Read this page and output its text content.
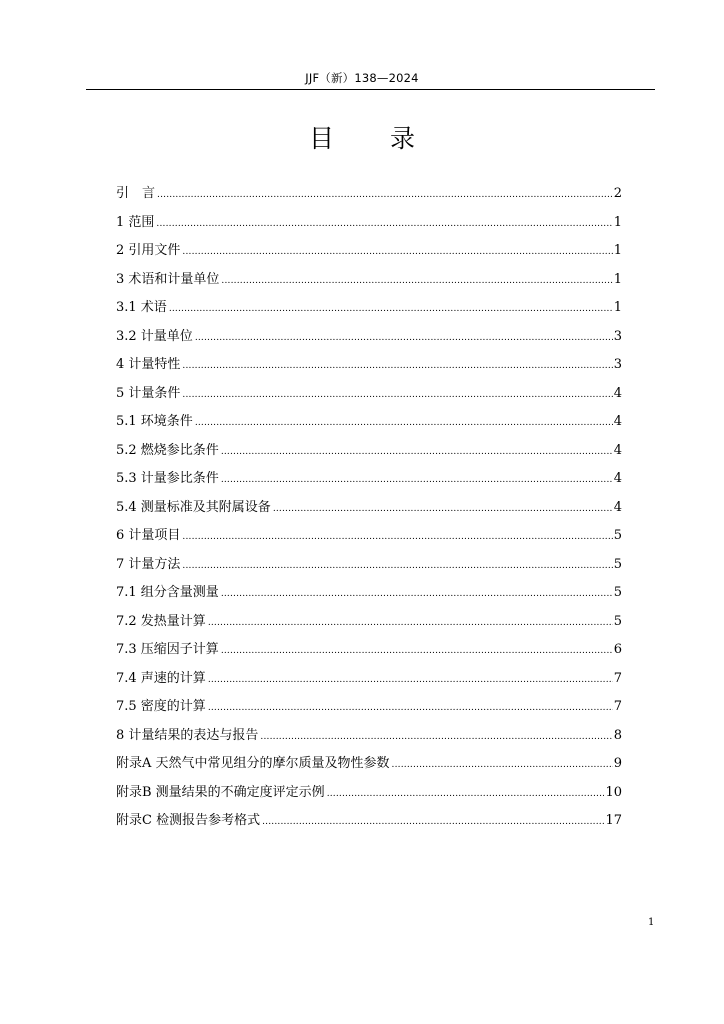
JJF（新）138—2024
目 录
引　言 .....	2
1 范围 .....	1
2 引用文件 .....	1
3 术语和计量单位 .....	1
3.1 术语 .....	1
3.2 计量单位 .....	3
4 计量特性 .....	3
5 计量条件 .....	4
5.1 环境条件 .....	4
5.2 燃烧参比条件 .....	4
5.3 计量参比条件 .....	4
5.4 测量标准及其附属设备 .....	4
6 计量项目 .....	5
7 计量方法 .....	5
7.1 组分含量测量 .....	5
7.2 发热量计算 .....	5
7.3 压缩因子计算 .....	6
7.4 声速的计算 .....	7
7.5 密度的计算 .....	7
8 计量结果的表达与报告 .....	8
附录A 天然气中常见组分的摩尔质量及物性参数 .....	9
附录B 测量结果的不确定度评定示例 .....	10
附录C 检测报告参考格式 .....	17
1
